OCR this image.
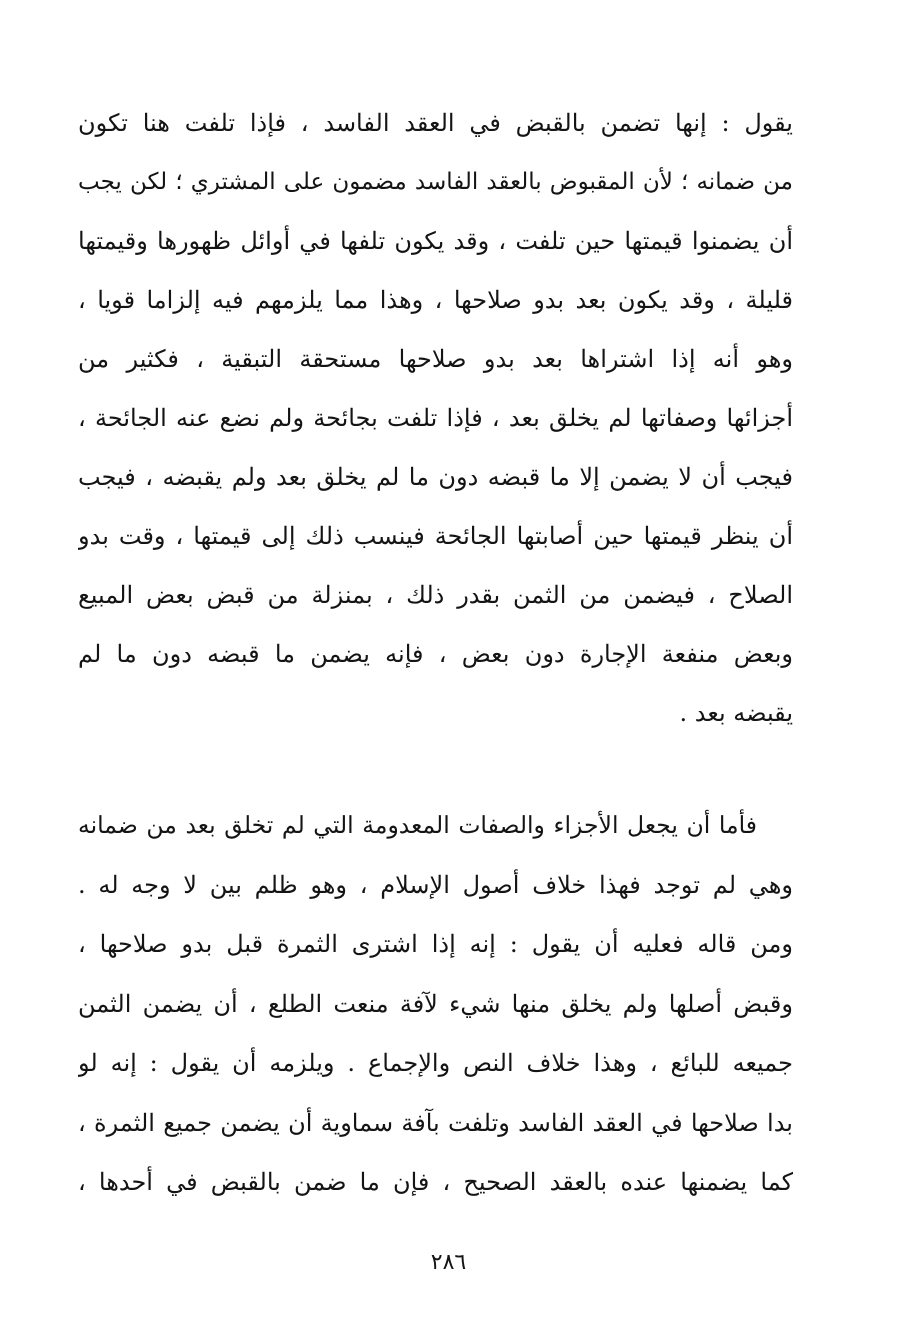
يقول : إنها تضمن بالقبض في العقد الفاسد ، فإذا تلفت هنا تكون
من ضمانه ؛ لأن المقبوض بالعقد الفاسد مضمون على المشتري ؛ لكن يجب
أن يضمنوا قيمتها حين تلفت ، وقد يكون تلفها في أوائل ظهورها وقيمتها
قليلة ، وقد يكون بعد بدو صلاحها ، وهذا مما يلزمهم فيه إلزاما قويا ،
وهو أنه إذا اشتراها بعد بدو صلاحها مستحقة التبقية ، فكثير من
أجزائها وصفاتها لم يخلق بعد ، فإذا تلفت بجائحة ولم نضع عنه الجائحة ،
فيجب أن لا يضمن إلا ما قبضه دون ما لم يخلق بعد ولم يقبضه ، فيجب
أن ينظر قيمتها حين أصابتها الجائحة فينسب ذلك إلى قيمتها ، وقت بدو
الصلاح ، فيضمن من الثمن بقدر ذلك ، بمنزلة من قبض بعض المبيع
وبعض منفعة الإجارة دون بعض ، فإنه يضمن ما قبضه دون ما لم
يقبضه بعد .
فأما أن يجعل الأجزاء والصفات المعدومة التي لم تخلق بعد من ضمانه
وهي لم توجد فهذا خلاف أصول الإسلام ، وهو ظلم بين لا وجه له .
ومن قاله فعليه أن يقول : إنه إذا اشترى الثمرة قبل بدو صلاحها ،
وقبض أصلها ولم يخلق منها شيء لآفة منعت الطلع ، أن يضمن الثمن
جميعه للبائع ، وهذا خلاف النص والإجماع . ويلزمه أن يقول : إنه لو
بدا صلاحها في العقد الفاسد وتلفت بآفة سماوية أن يضمن جميع الثمرة ،
كما يضمنها عنده بالعقد الصحيح ، فإن ما ضمن بالقبض في أحدها ،
٢٨٦
